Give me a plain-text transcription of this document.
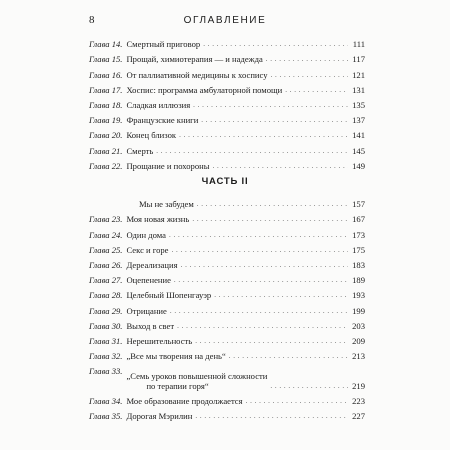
8	ОГЛАВЛЕНИЕ
Глава 14. Смертный приговор . . .	111
Глава 15. Прощай, химиотерапия — и надежда . . .	117
Глава 16. От паллиативной медицины к хоспису . . .	121
Глава 17. Хоспис: программа амбулаторной помощи . . .	131
Глава 18. Сладкая иллюзия . . .	135
Глава 19. Французские книги . . .	137
Глава 20. Конец близок . . .	141
Глава 21. Смерть . . .	145
Глава 22. Прощание и похороны . . .	149
ЧАСТЬ II
Мы не забудем . . .	157
Глава 23. Моя новая жизнь . . .	167
Глава 24. Один дома . . .	173
Глава 25. Секс и горе . . .	175
Глава 26. Дереализация . . .	183
Глава 27. Оцепенение . . .	189
Глава 28. Целебный Шопенгауэр . . .	193
Глава 29. Отрицание . . .	199
Глава 30. Выход в свет . . .	203
Глава 31. Нерешительность . . .	209
Глава 32. „Все мы творения на день“ . . .	213
Глава 33. „Семь уроков повышенной сложности
по терапии горя“ . . .	219
Глава 34. Мое образование продолжается . . .	223
Глава 35. Дорогая Мэрилин . . .	227
